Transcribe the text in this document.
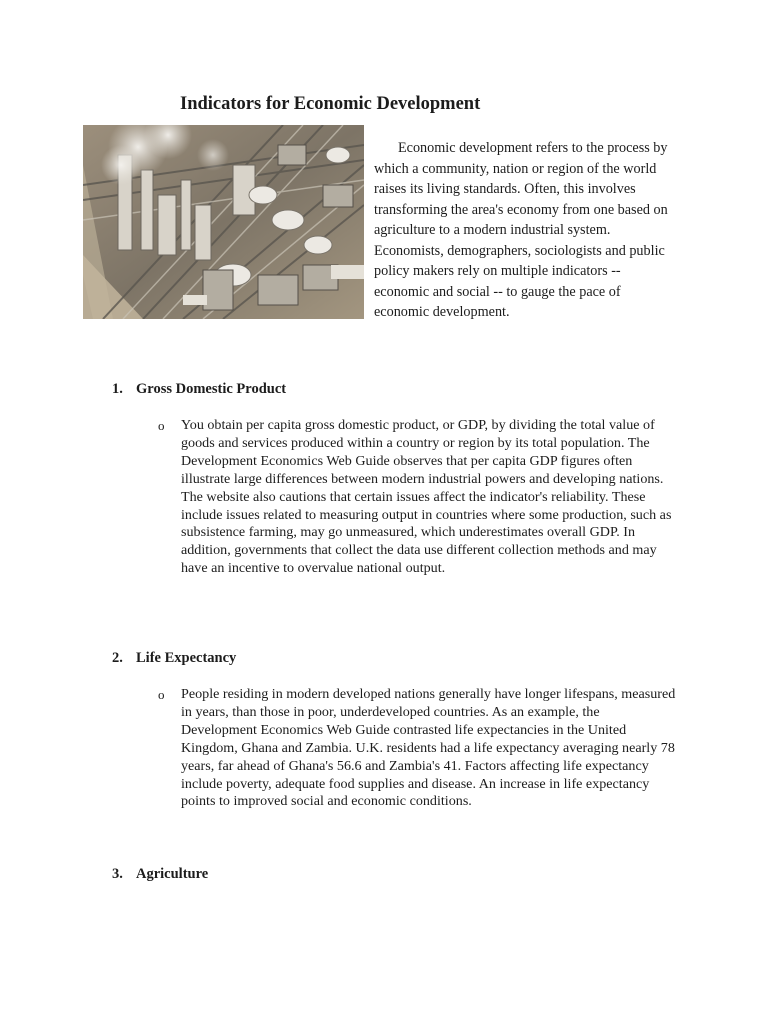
Indicators for Economic Development

Economic development refers to the process by which a community, nation or region of the world raises its living standards. Often, this involves transforming the area's economy from one based on agriculture to a modern industrial system. Economists, demographers, sociologists and public policy makers rely on multiple indicators -- economic and social -- to gauge the pace of economic development.

1. Gross Domestic Product

o You obtain per capita gross domestic product, or GDP, by dividing the total value of goods and services produced within a country or region by its total population. The Development Economics Web Guide observes that per capita GDP figures often illustrate large differences between modern industrial powers and developing nations. The website also cautions that certain issues affect the indicator's reliability. These include issues related to measuring output in countries where some production, such as subsistence farming, may go unmeasured, which underestimates overall GDP. In addition, governments that collect the data use different collection methods and may have an incentive to overvalue national output.

2. Life Expectancy

o People residing in modern developed nations generally have longer lifespans, measured in years, than those in poor, underdeveloped countries. As an example, the Development Economics Web Guide contrasted life expectancies in the United Kingdom, Ghana and Zambia. U.K. residents had a life expectancy averaging nearly 78 years, far ahead of Ghana's 56.6 and Zambia's 41. Factors affecting life expectancy include poverty, adequate food supplies and disease. An increase in life expectancy points to improved social and economic conditions.

3. Agriculture
